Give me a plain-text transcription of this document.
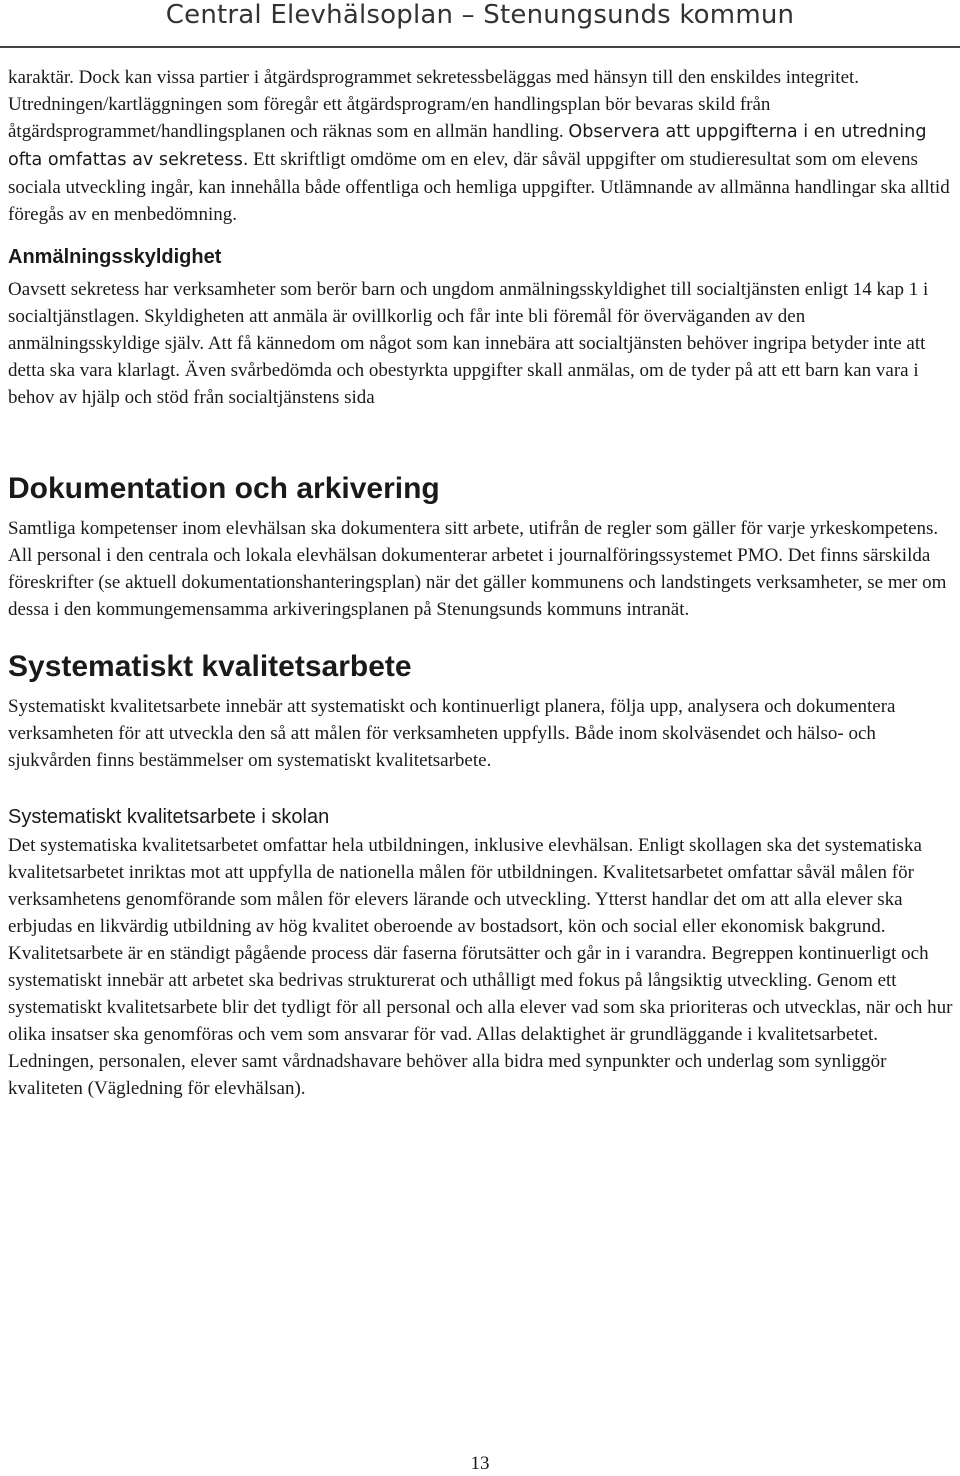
Central Elevhälsoplan – Stenungsunds kommun

karaktär. Dock kan vissa partier i åtgärdsprogrammet sekretessbeläggas med hänsyn till den enskildes integritet. Utredningen/kartläggningen som föregår ett åtgärdsprogram/en handlingsplan bör bevaras skild från åtgärdsprogrammet/handlingsplanen och räknas som en allmän handling. Observera att uppgifterna i en utredning ofta omfattas av sekretess. Ett skriftligt omdöme om en elev, där såväl uppgifter om studieresultat som om elevens sociala utveckling ingår, kan innehålla både offentliga och hemliga uppgifter. Utlämnande av allmänna handlingar ska alltid föregås av en menbedömning.

Anmälningsskyldighet

Oavsett sekretess har verksamheter som berör barn och ungdom anmälningsskyldighet till socialtjänsten enligt 14 kap 1 i socialtjänstlagen. Skyldigheten att anmäla är ovillkorlig och får inte bli föremål för överväganden av den anmälningsskyldige själv. Att få kännedom om något som kan innebära att socialtjänsten behöver ingripa betyder inte att detta ska vara klarlagt. Även svårbedömda och obestyrkta uppgifter skall anmälas, om de tyder på att ett barn kan vara i behov av hjälp och stöd från socialtjänstens sida

Dokumentation och arkivering

Samtliga kompetenser inom elevhälsan ska dokumentera sitt arbete, utifrån de regler som gäller för varje yrkeskompetens. All personal i den centrala och lokala elevhälsan dokumenterar arbetet i journalföringssystemet PMO. Det finns särskilda föreskrifter (se aktuell dokumentationshanteringsplan) när det gäller kommunens och landstingets verksamheter, se mer om dessa i den kommungemensamma arkiveringsplanen på Stenungsunds kommuns intranät.

Systematiskt kvalitetsarbete

Systematiskt kvalitetsarbete innebär att systematiskt och kontinuerligt planera, följa upp, analysera och dokumentera verksamheten för att utveckla den så att målen för verksamheten uppfylls. Både inom skolväsendet och hälso- och sjukvården finns bestämmelser om systematiskt kvalitetsarbete.

Systematiskt kvalitetsarbete i skolan

Det systematiska kvalitetsarbetet omfattar hela utbildningen, inklusive elevhälsan. Enligt skollagen ska det systematiska kvalitetsarbetet inriktas mot att uppfylla de nationella målen för utbildningen. Kvalitetsarbetet omfattar såväl målen för verksamhetens genomförande som målen för elevers lärande och utveckling. Ytterst handlar det om att alla elever ska erbjudas en likvärdig utbildning av hög kvalitet oberoende av bostadsort, kön och social eller ekonomisk bakgrund. Kvalitetsarbete är en ständigt pågående process där faserna förutsätter och går in i varandra. Begreppen kontinuerligt och systematiskt innebär att arbetet ska bedrivas strukturerat och uthålligt med fokus på långsiktig utveckling. Genom ett systematiskt kvalitetsarbete blir det tydligt för all personal och alla elever vad som ska prioriteras och utvecklas, när och hur olika insatser ska genomföras och vem som ansvarar för vad. Allas delaktighet är grundläggande i kvalitetsarbetet. Ledningen, personalen, elever samt vårdnadshavare behöver alla bidra med synpunkter och underlag som synliggör kvaliteten (Vägledning för elevhälsan).

13
